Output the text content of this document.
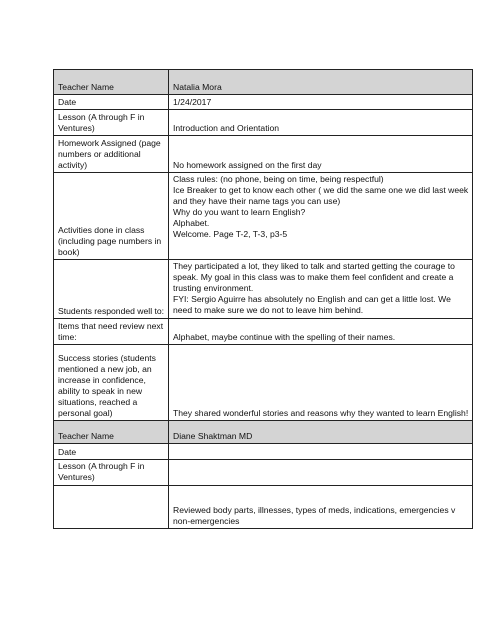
Teacher Name	Natalia Mora
Date	1/24/2017
Lesson (A through F in Ventures)	Introduction and Orientation
Homework Assigned (page numbers or additional activity)	No homework assigned on the first day
Activities done in class (including page numbers in book)	Class rules: (no phone, being on time, being respectful)
Ice Breaker to get to know each other ( we did the same one we did last week and they have their name tags you can use)
Why do you want to learn English?
Alphabet.
Welcome. Page T-2, T-3, p3-5

Students responded well to:	They participated a lot, they liked to talk and started getting the courage to speak. My goal in this class was to make them feel confident and create a trusting environment.
FYI: Sergio Aguirre has absolutely no English and can get a little lost. We need to make sure we do not to leave him behind.

Items that need review next time:	Alphabet, maybe continue with the spelling of their names.
Success stories (students mentioned a new job, an increase in confidence, ability to speak in new situations, reached a personal goal)	They shared wonderful stories and reasons why they wanted to learn English!
Teacher Name	Diane Shaktman MD
Date	
Lesson (A through F in Ventures)	
	Reviewed body parts, illnesses, types of meds, indications, emergencies v non-emergencies
